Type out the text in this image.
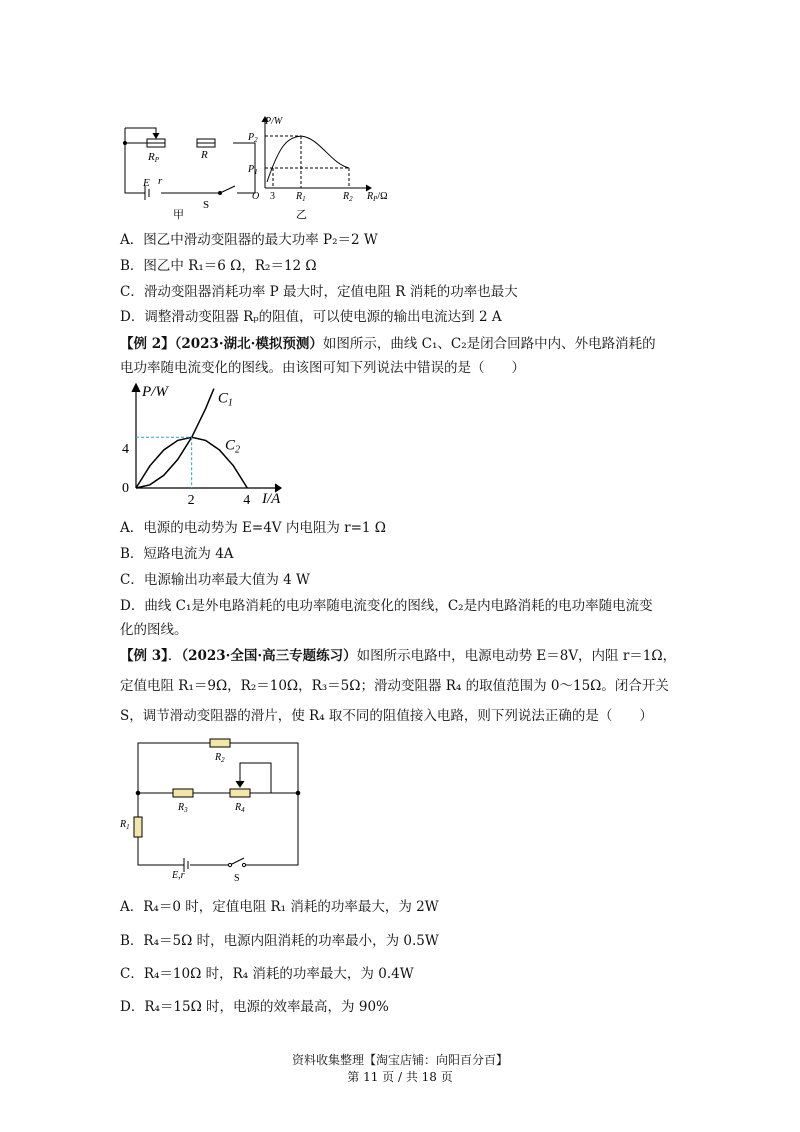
RP	R
E r
S
甲
P/W
$P_2$
$P_1$
O 3 $R_1$	$R_2$ $R_P/\Omega$
乙
A．图乙中滑动变阻器的最大功率 P₂＝2 W
B．图乙中 R₁＝6 Ω，R₂＝12 Ω
C．滑动变阻器消耗功率 P 最大时，定值电阻 R 消耗的功率也最大
D．调整滑动变阻器 Rₚ的阻值，可以使电源的输出电流达到 2 A
【例 2】（2023·湖北·模拟预测）如图所示，曲线 C₁、C₂是闭合回路中内、外电路消耗的
电功率随电流变化的图线。由该图可知下列说法中错误的是（　　）
P/W
I/A
4
0
2	4
$C_1$
$C_2$
A．电源的电动势为 E=4V 内电阻为 r=1 Ω
B．短路电流为 4A
C．电源输出功率最大值为 4 W
D．曲线 C₁是外电路消耗的电功率随电流变化的图线，C₂是内电路消耗的电功率随电流变
化的图线。
【例 3】．（2023·全国·高三专题练习）如图所示电路中，电源电动势 E＝8V，内阻 r＝1Ω，
定值电阻 R₁＝9Ω，R₂＝10Ω，R₃＝5Ω；滑动变阻器 R₄ 的取值范围为 0～15Ω。闭合开关
S，调节滑动变阻器的滑片，使 R₄ 取不同的阻值接入电路，则下列说法正确的是（　　）
$R_2$
$R_3$	$R_4$
$R_1$
E,r	S
A．R₄＝0 时，定值电阻 R₁ 消耗的功率最大，为 2W
B．R₄＝5Ω 时，电源内阻消耗的功率最小，为 0.5W
C．R₄＝10Ω 时，R₄ 消耗的功率最大，为 0.4W
D．R₄＝15Ω 时，电源的效率最高，为 90%
资料收集整理【淘宝店铺：向阳百分百】
第 11 页 / 共 18 页
